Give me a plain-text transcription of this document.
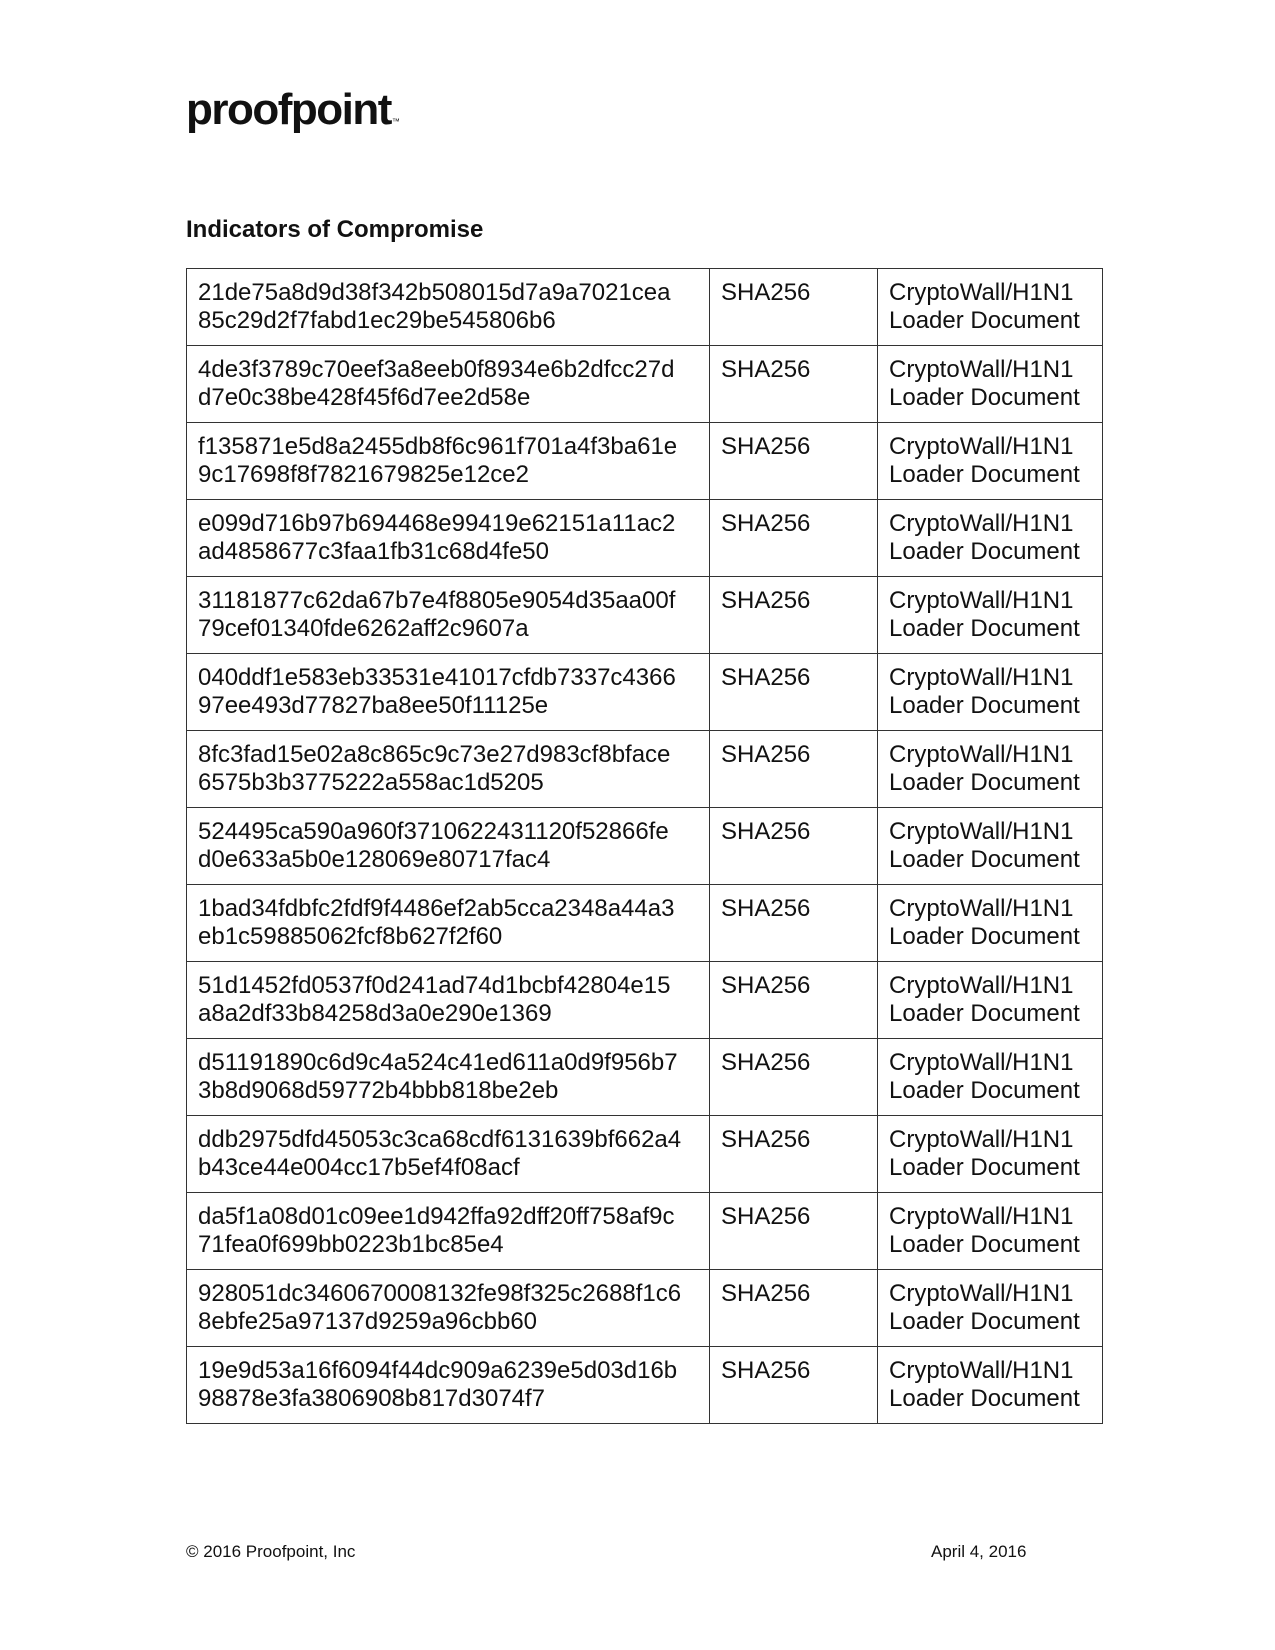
proofpoint™
Indicators of Compromise
21de75a8d9d38f342b508015d7a9a7021cea
85c29d2f7fabd1ec29be545806b6	SHA256	CryptoWall/H1N1
Loader Document

4de3f3789c70eef3a8eeb0f8934e6b2dfcc27d
d7e0c38be428f45f6d7ee2d58e	SHA256	CryptoWall/H1N1
Loader Document

f135871e5d8a2455db8f6c961f701a4f3ba61e
9c17698f8f7821679825e12ce2	SHA256	CryptoWall/H1N1
Loader Document

e099d716b97b694468e99419e62151a11ac2
ad4858677c3faa1fb31c68d4fe50	SHA256	CryptoWall/H1N1
Loader Document

31181877c62da67b7e4f8805e9054d35aa00f
79cef01340fde6262aff2c9607a	SHA256	CryptoWall/H1N1
Loader Document

040ddf1e583eb33531e41017cfdb7337c4366
97ee493d77827ba8ee50f11125e	SHA256	CryptoWall/H1N1
Loader Document

8fc3fad15e02a8c865c9c73e27d983cf8bface
6575b3b3775222a558ac1d5205	SHA256	CryptoWall/H1N1
Loader Document

524495ca590a960f3710622431120f52866fe
d0e633a5b0e128069e80717fac4	SHA256	CryptoWall/H1N1
Loader Document

1bad34fdbfc2fdf9f4486ef2ab5cca2348a44a3
eb1c59885062fcf8b627f2f60	SHA256	CryptoWall/H1N1
Loader Document

51d1452fd0537f0d241ad74d1bcbf42804e15
a8a2df33b84258d3a0e290e1369	SHA256	CryptoWall/H1N1
Loader Document

d51191890c6d9c4a524c41ed611a0d9f956b7
3b8d9068d59772b4bbb818be2eb	SHA256	CryptoWall/H1N1
Loader Document

ddb2975dfd45053c3ca68cdf6131639bf662a4
b43ce44e004cc17b5ef4f08acf	SHA256	CryptoWall/H1N1
Loader Document

da5f1a08d01c09ee1d942ffa92dff20ff758af9c
71fea0f699bb0223b1bc85e4	SHA256	CryptoWall/H1N1
Loader Document

928051dc3460670008132fe98f325c2688f1c6
8ebfe25a97137d9259a96cbb60	SHA256	CryptoWall/H1N1
Loader Document

19e9d53a16f6094f44dc909a6239e5d03d16b
98878e3fa3806908b817d3074f7	SHA256	CryptoWall/H1N1
Loader Document
© 2016 Proofpoint, Inc	April 4, 2016
